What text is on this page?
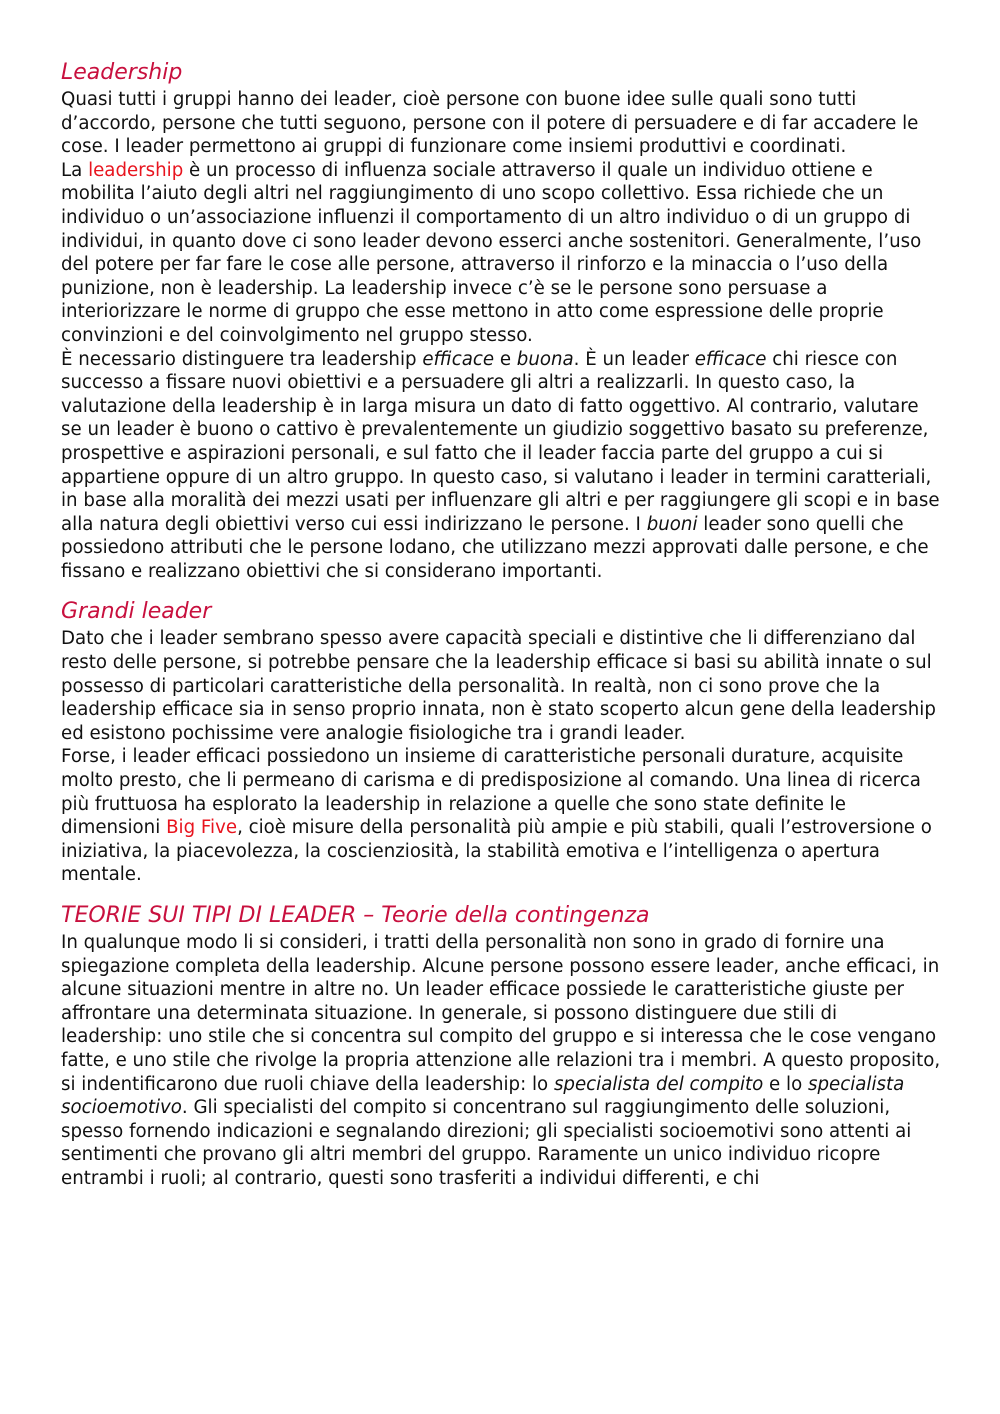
Leadership

Quasi tutti i gruppi hanno dei leader, cioè persone con buone idee sulle quali sono tutti d’accordo, persone che tutti seguono, persone con il potere di persuadere e di far accadere le cose. I leader permettono ai gruppi di funzionare come insiemi produttivi e coordinati.

La leadership è un processo di influenza sociale attraverso il quale un individuo ottiene e mobilita l’aiuto degli altri nel raggiungimento di uno scopo collettivo. Essa richiede che un individuo o un’associazione influenzi il comportamento di un altro individuo o di un gruppo di individui, in quanto dove ci sono leader devono esserci anche sostenitori. Generalmente, l’uso del potere per far fare le cose alle persone, attraverso il rinforzo e la minaccia o l’uso della punizione, non è leadership. La leadership invece c’è se le persone sono persuase a interiorizzare le norme di gruppo che esse mettono in atto come espressione delle proprie convinzioni e del coinvolgimento nel gruppo stesso.

È necessario distinguere tra leadership efficace e buona. È un leader efficace chi riesce con successo a fissare nuovi obiettivi e a persuadere gli altri a realizzarli. In questo caso, la valutazione della leadership è in larga misura un dato di fatto oggettivo. Al contrario, valutare se un leader è buono o cattivo è prevalentemente un giudizio soggettivo basato su preferenze, prospettive e aspirazioni personali, e sul fatto che il leader faccia parte del gruppo a cui si appartiene oppure di un altro gruppo. In questo caso, si valutano i leader in termini caratteriali, in base alla moralità dei mezzi usati per influenzare gli altri e per raggiungere gli scopi e in base alla natura degli obiettivi verso cui essi indirizzano le persone. I buoni leader sono quelli che possiedono attributi che le persone lodano, che utilizzano mezzi approvati dalle persone, e che fissano e realizzano obiettivi che si considerano importanti.

Grandi leader

Dato che i leader sembrano spesso avere capacità speciali e distintive che li differenziano dal resto delle persone, si potrebbe pensare che la leadership efficace si basi su abilità innate o sul possesso di particolari caratteristiche della personalità. In realtà, non ci sono prove che la leadership efficace sia in senso proprio innata, non è stato scoperto alcun gene della leadership ed esistono pochissime vere analogie fisiologiche tra i grandi leader.

Forse, i leader efficaci possiedono un insieme di caratteristiche personali durature, acquisite molto presto, che li permeano di carisma e di predisposizione al comando. Una linea di ricerca più fruttuosa ha esplorato la leadership in relazione a quelle che sono state definite le dimensioni Big Five, cioè misure della personalità più ampie e più stabili, quali l’estroversione o iniziativa, la piacevolezza, la coscienziosità, la stabilità emotiva e l’intelligenza o apertura mentale.

TEORIE SUI TIPI DI LEADER – Teorie della contingenza

In qualunque modo li si consideri, i tratti della personalità non sono in grado di fornire una spiegazione completa della leadership. Alcune persone possono essere leader, anche efficaci, in alcune situazioni mentre in altre no. Un leader efficace possiede le caratteristiche giuste per affrontare una determinata situazione. In generale, si possono distinguere due stili di leadership: uno stile che si concentra sul compito del gruppo e si interessa che le cose vengano fatte, e uno stile che rivolge la propria attenzione alle relazioni tra i membri. A questo proposito, si indentificarono due ruoli chiave della leadership: lo specialista del compito e lo specialista socioemotivo. Gli specialisti del compito si concentrano sul raggiungimento delle soluzioni, spesso fornendo indicazioni e segnalando direzioni; gli specialisti socioemotivi sono attenti ai sentimenti che provano gli altri membri del gruppo. Raramente un unico individuo ricopre entrambi i ruoli; al contrario, questi sono trasferiti a individui differenti, e chi
